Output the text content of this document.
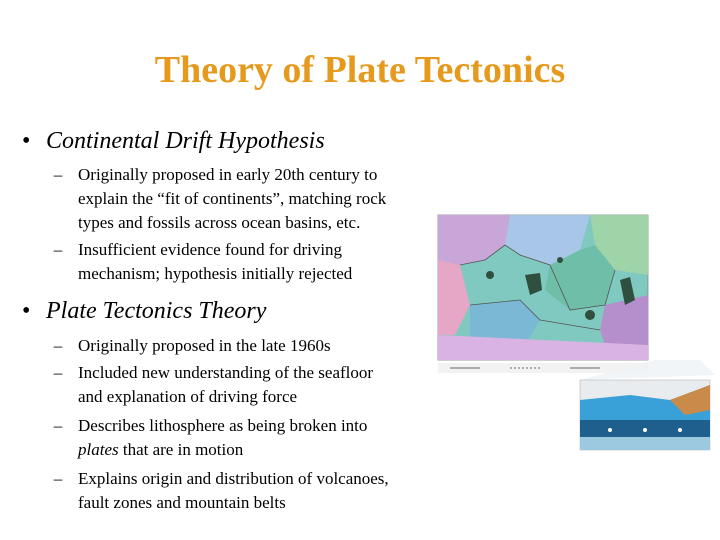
Theory of Plate Tectonics
• Continental Drift Hypothesis
– Originally proposed in early 20th century to
explain the “fit of continents”, matching rock
types and fossils across ocean basins, etc.
– Insufficient evidence found for driving
mechanism; hypothesis initially rejected
• Plate Tectonics Theory
– Originally proposed in the late 1960s
– Included new understanding of the seafloor
and explanation of driving force
– Describes lithosphere as being broken into
plates that are in motion
– Explains origin and distribution of volcanoes,
fault zones and mountain belts
